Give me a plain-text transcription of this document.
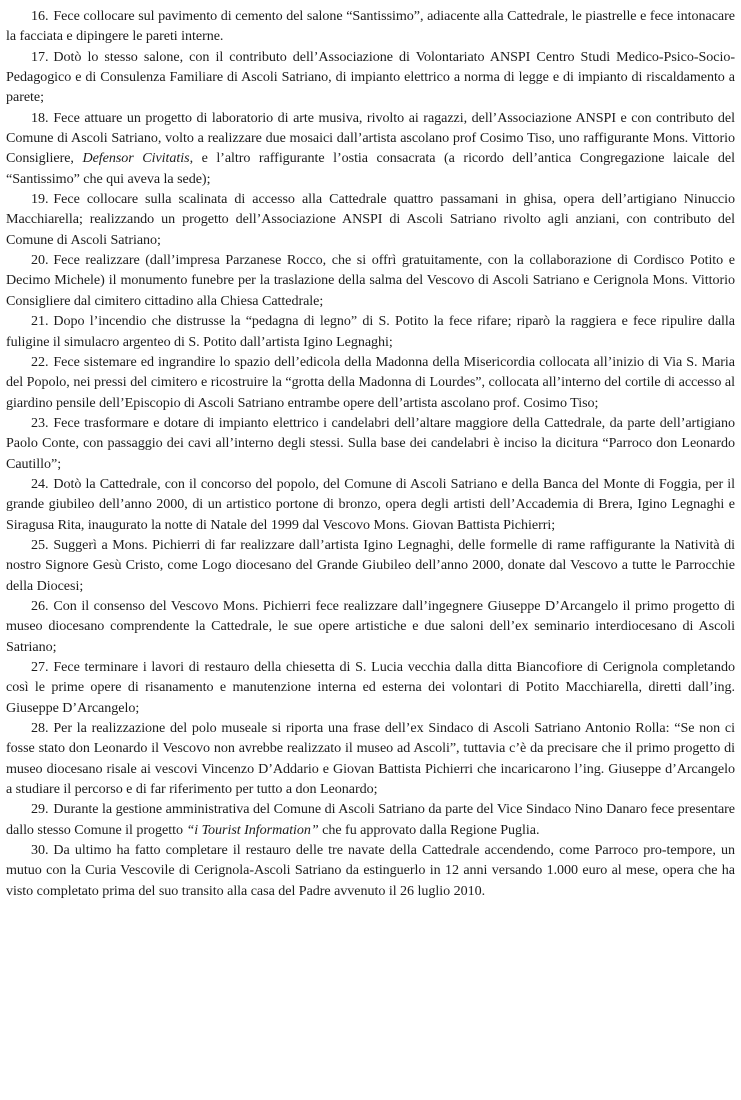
16. Fece collocare sul pavimento di cemento del salone “Santissimo”, adiacente alla Cattedrale, le piastrelle e fece intonacare la facciata e dipingere le pareti interne.

17. Dotò lo stesso salone, con il contributo dell’Associazione di Volontariato ANSPI Centro Studi Medico-Psico-Socio-Pedagogico e di Consulenza Familiare di Ascoli Satriano, di impianto elettrico a norma di legge e di impianto di riscaldamento a parete;

18. Fece attuare un progetto di laboratorio di arte musiva, rivolto ai ragazzi, dell’Associazione ANSPI e con contributo del Comune di Ascoli Satriano, volto a realizzare due mosaici dall’artista ascolano prof Cosimo Tiso, uno raffigurante Mons. Vittorio Consigliere, Defensor Civitatis, e l’altro raffigurante l’ostia consacrata (a ricordo dell’antica Congregazione laicale del “Santissimo” che qui aveva la sede);

19. Fece collocare sulla scalinata di accesso alla Cattedrale quattro passamani in ghisa, opera dell’artigiano Ninuccio Macchiarella; realizzando un progetto dell’Associazione ANSPI di Ascoli Satriano rivolto agli anziani, con contributo del Comune di Ascoli Satriano;

20. Fece realizzare (dall’impresa Parzanese Rocco, che si offrì gratuitamente, con la collaborazione di Cordisco Potito e Decimo Michele) il monumento funebre per la traslazione della salma del Vescovo di Ascoli Satriano e Cerignola Mons. Vittorio Consigliere dal cimitero cittadino alla Chiesa Cattedrale;

21. Dopo l’incendio che distrusse la “pedagna di legno” di S. Potito la fece rifare; riparò la raggiera e fece ripulire dalla fuligine il simulacro argenteo di S. Potito dall’artista Igino Legnaghi;

22. Fece sistemare ed ingrandire lo spazio dell’edicola della Madonna della Misericordia collocata all’inizio di Via S. Maria del Popolo, nei pressi del cimitero e ricostruire la “grotta della Madonna di Lourdes”, collocata all’interno del cortile di accesso al giardino pensile dell’Episcopio di Ascoli Satriano entrambe opere dell’artista ascolano prof. Cosimo Tiso;

23. Fece trasformare e dotare di impianto elettrico i candelabri dell’altare maggiore della Cattedrale, da parte dell’artigiano Paolo Conte, con passaggio dei cavi all’interno degli stessi. Sulla base dei candelabri è inciso la dicitura “Parroco don Leonardo Cautillo”;

24. Dotò la Cattedrale, con il concorso del popolo, del Comune di Ascoli Satriano e della Banca del Monte di Foggia, per il grande giubileo dell’anno 2000, di un artistico portone di bronzo, opera degli artisti dell’Accademia di Brera, Igino Legnaghi e Siragusa Rita, inaugurato la notte di Natale del 1999 dal Vescovo Mons. Giovan Battista Pichierri;

25. Suggerì a Mons. Pichierri di far realizzare dall’artista Igino Legnaghi, delle formelle di rame raffigurante la Natività di nostro Signore Gesù Cristo, come Logo diocesano del Grande Giubileo dell’anno 2000, donate dal Vescovo a tutte le Parrocchie della Diocesi;

26. Con il consenso del Vescovo Mons. Pichierri fece realizzare dall’ingegnere Giuseppe D’Arcangelo il primo progetto di museo diocesano comprendente la Cattedrale, le sue opere artistiche e due saloni dell’ex seminario interdiocesano di Ascoli Satriano;

27. Fece terminare i lavori di restauro della chiesetta di S. Lucia vecchia dalla ditta Biancofiore di Cerignola completando così le prime opere di risanamento e manutenzione interna ed esterna dei volontari di Potito Macchiarella, diretti dall’ing. Giuseppe D’Arcangelo;

28. Per la realizzazione del polo museale si riporta una frase dell’ex Sindaco di Ascoli Satriano Antonio Rolla: “Se non ci fosse stato don Leonardo il Vescovo non avrebbe realizzato il museo ad Ascoli”, tuttavia c’è da precisare che il primo progetto di museo diocesano risale ai vescovi Vincenzo D’Addario e Giovan Battista Pichierri che incaricarono l’ing. Giuseppe d’Arcangelo a studiare il percorso e di far riferimento per tutto a don Leonardo;

29. Durante la gestione amministrativa del Comune di Ascoli Satriano da parte del Vice Sindaco Nino Danaro fece presentare dallo stesso Comune il progetto “i Tourist Information” che fu approvato dalla Regione Puglia.

30. Da ultimo ha fatto completare il restauro delle tre navate della Cattedrale accendendo, come Parroco pro-tempore, un mutuo con la Curia Vescovile di Cerignola-Ascoli Satriano da estinguerlo in 12 anni versando 1.000 euro al mese, opera che ha visto completato prima del suo transito alla casa del Padre avvenuto il 26 luglio 2010.
